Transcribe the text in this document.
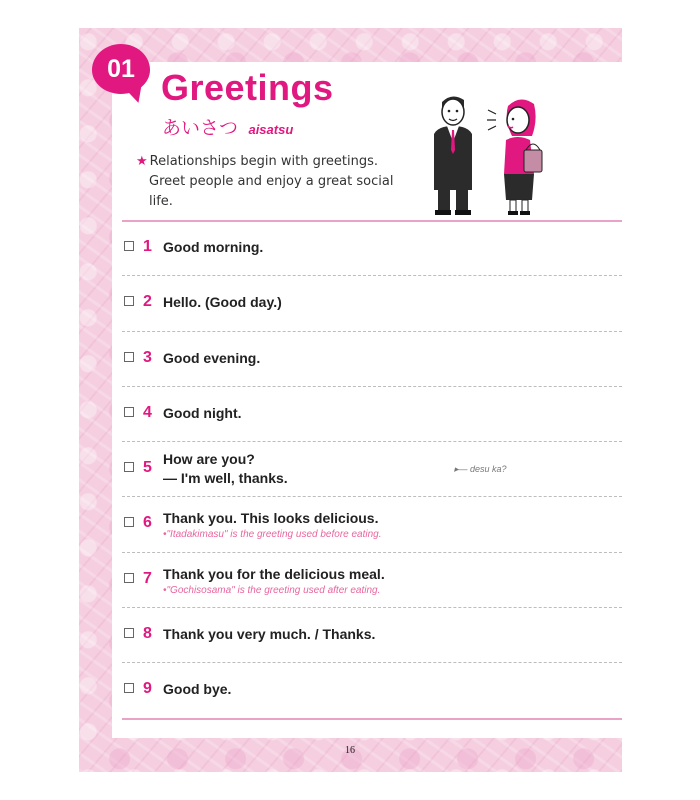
01 Greetings
あいさつ aisatsu
★ Relationships begin with greetings. Greet people and enjoy a great social life.
1 Good morning.
2 Hello. (Good day.)
3 Good evening.
4 Good night.
5 How are you?
— I'm well, thanks.
6 Thank you. This looks delicious.
•"Itadakimasu" is the greeting used before eating.
7 Thank you for the delicious meal.
•"Gochisosama" is the greeting used after eating.
8 Thank you very much. / Thanks.
9 Good bye.
▸— desu ka?
16
